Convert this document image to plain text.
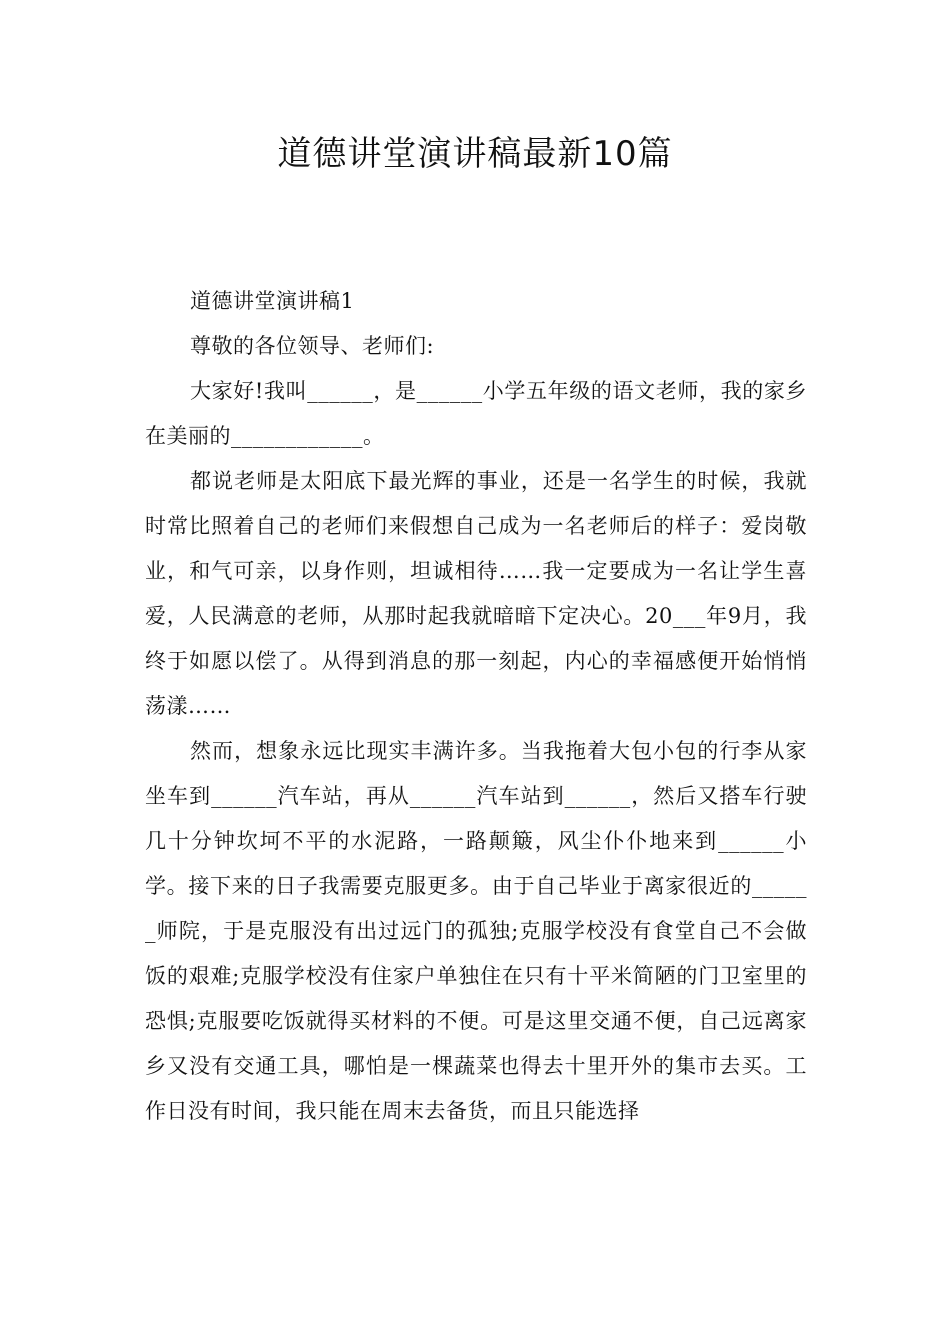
道德讲堂演讲稿最新10篇

道德讲堂演讲稿1

尊敬的各位领导、老师们:

大家好!我叫______，是______小学五年级的语文老师，我的家乡在美丽的____________。

都说老师是太阳底下最光辉的事业，还是一名学生的时候，我就时常比照着自己的老师们来假想自己成为一名老师后的样子：爱岗敬业，和气可亲，以身作则，坦诚相待……我一定要成为一名让学生喜爱，人民满意的老师，从那时起我就暗暗下定决心。20___年9月，我终于如愿以偿了。从得到消息的那一刻起，内心的幸福感便开始悄悄荡漾……

然而，想象永远比现实丰满许多。当我拖着大包小包的行李从家坐车到______汽车站，再从______汽车站到______，然后又搭车行驶几十分钟坎坷不平的水泥路，一路颠簸，风尘仆仆地来到______小学。接下来的日子我需要克服更多。由于自己毕业于离家很近的______师院，于是克服没有出过远门的孤独;克服学校没有食堂自己不会做饭的艰难;克服学校没有住家户单独住在只有十平米简陋的门卫室里的恐惧;克服要吃饭就得买材料的不便。可是这里交通不便，自己远离家乡又没有交通工具，哪怕是一棵蔬菜也得去十里开外的集市去买。工作日没有时间，我只能在周末去备货，而且只能选择
